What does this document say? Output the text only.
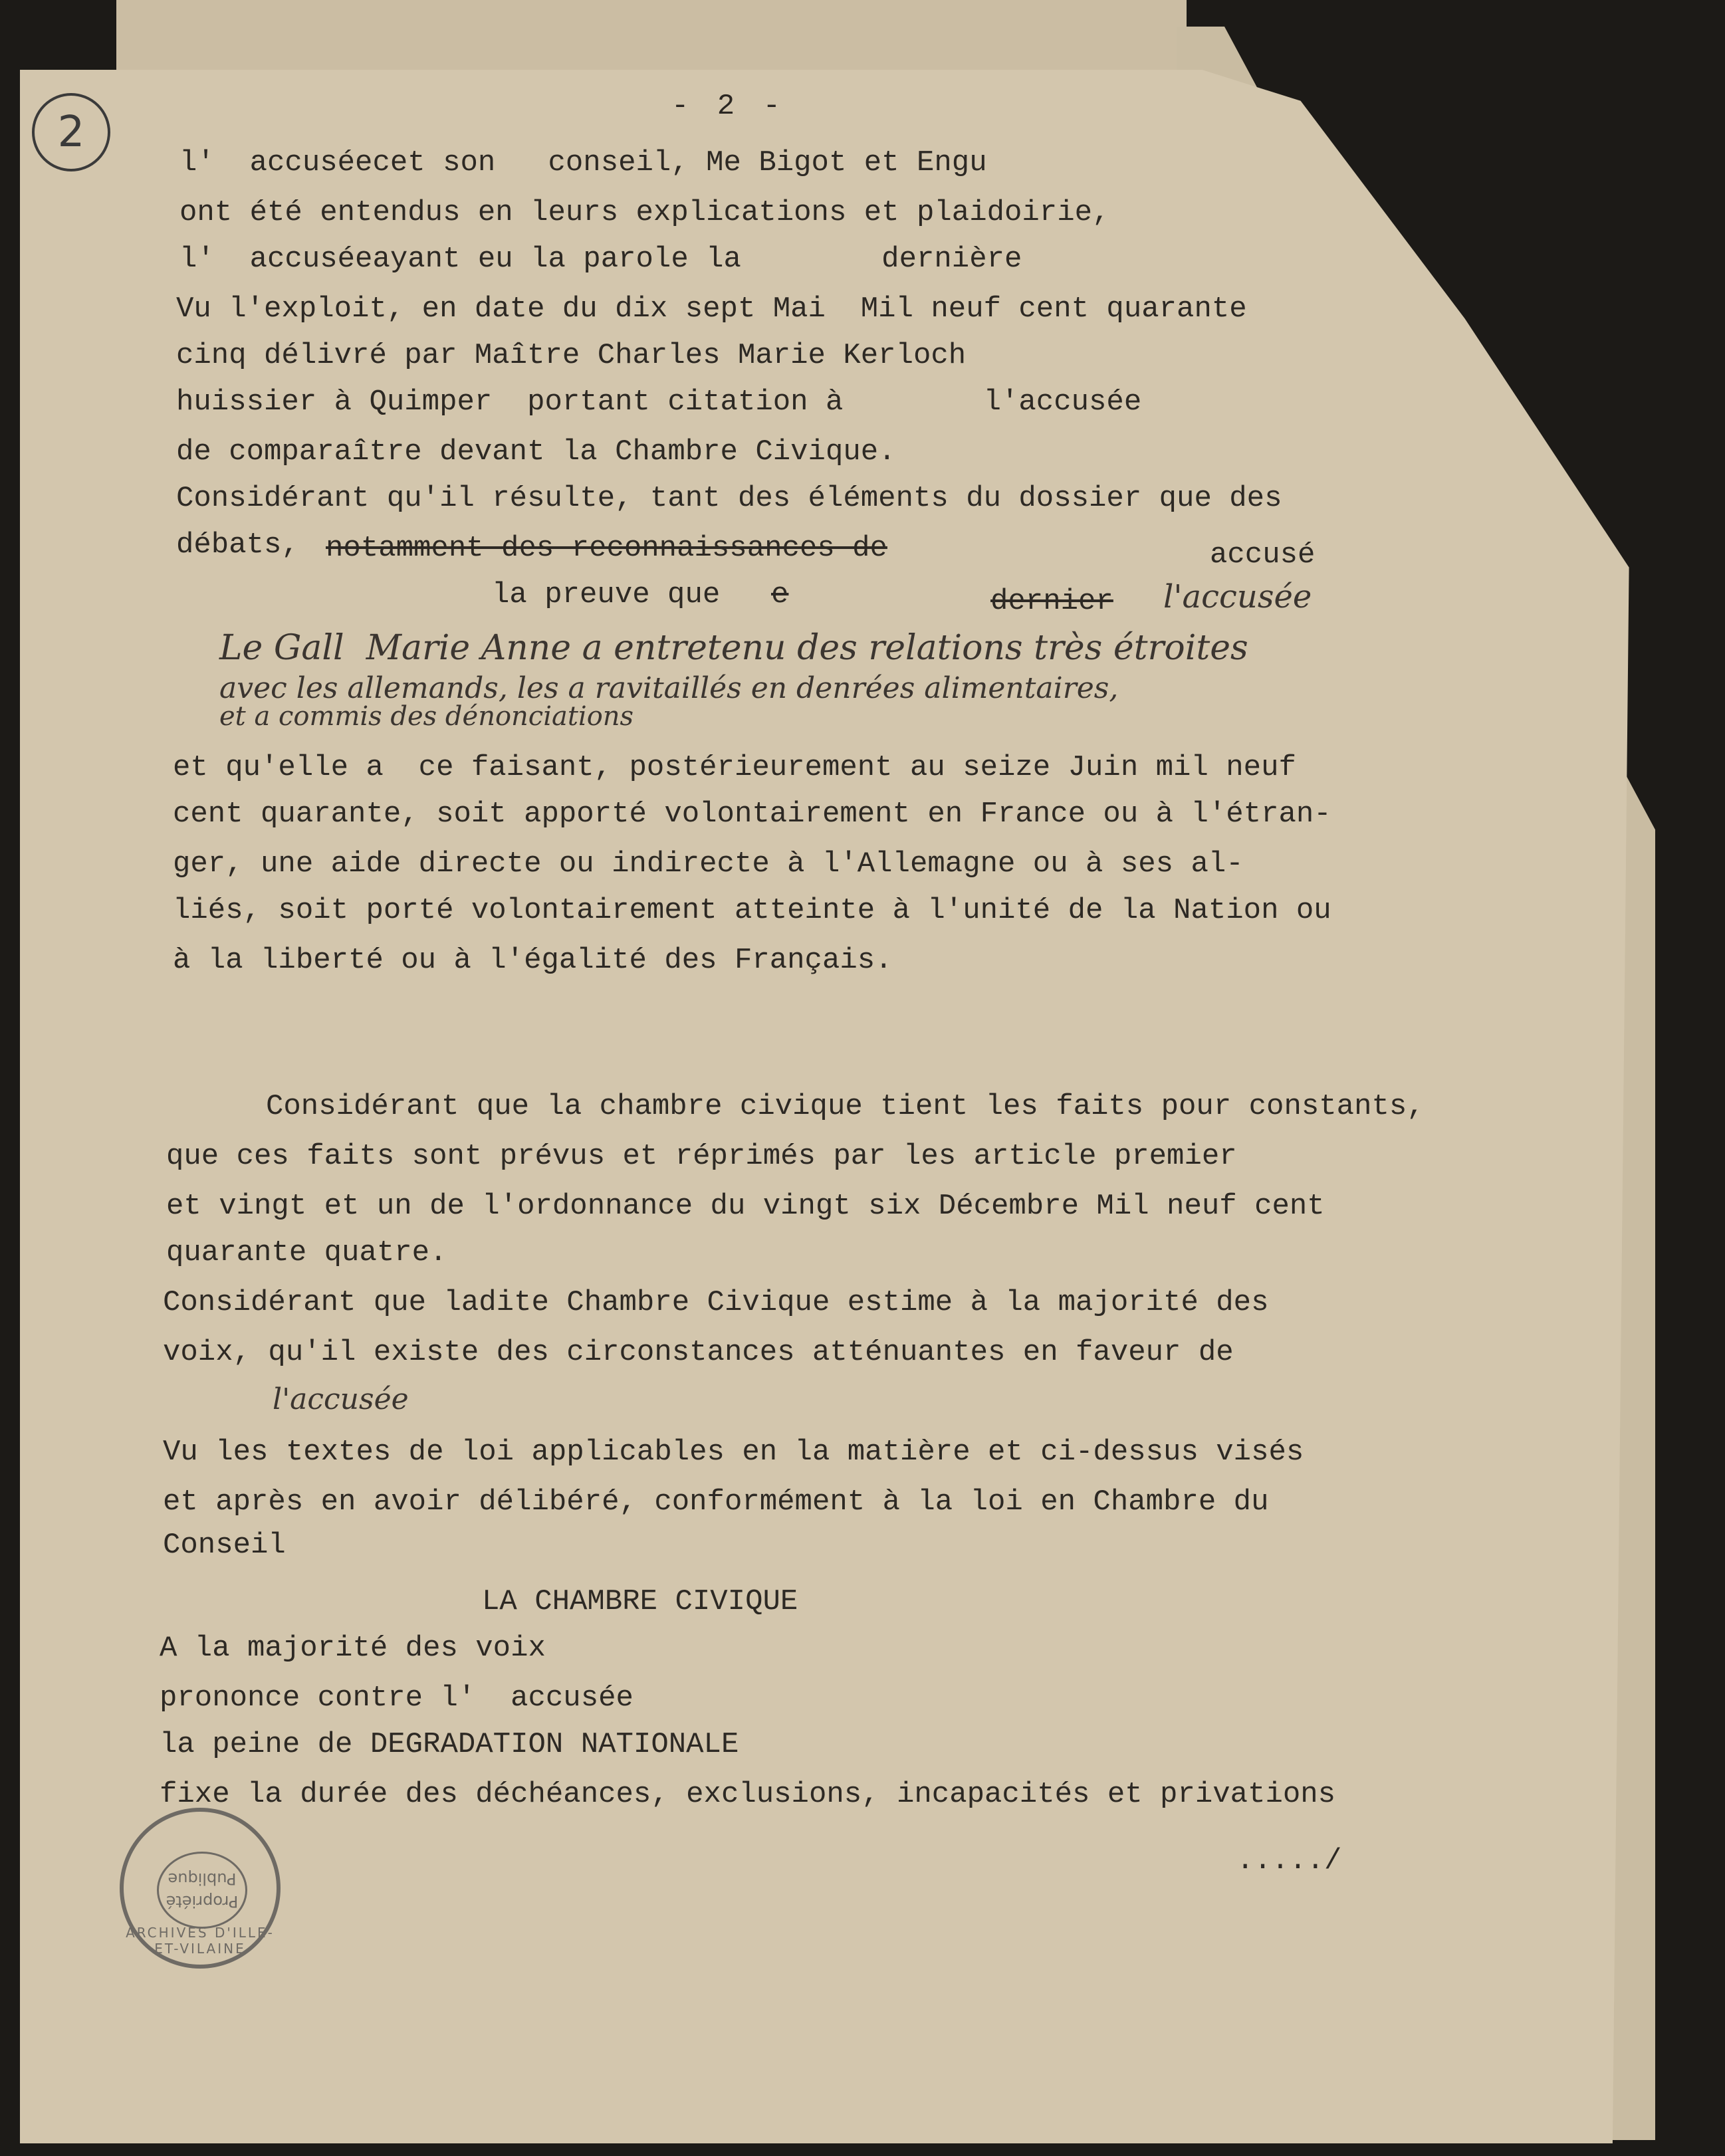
2
- 2 -
l'  accuséecet son   conseil, Me Bigot et Engu
ont été entendus en leurs explications et plaidoirie,
l'  accuséeayant eu la parole la        dernière
Vu l'exploit, en date du dix sept Mai  Mil neuf cent quarante
cinq délivré par Maître Charles Marie Kerloch
huissier à Quimper  portant citation à        l'accusée
de comparaître devant la Chambre Civique.
Considérant qu'il résulte, tant des éléments du dossier que des
débats, notamment des reconnaissances de	accusé
la preuve que e	dernier l'accusée
Le Gall  Marie Anne a entretenu des relations très étroites
avec les allemands, les a ravitaillés en denrées alimentaires,
et a commis des dénonciations
et qu'elle a  ce faisant, postérieurement au seize Juin mil neuf
cent quarante, soit apporté volontairement en France ou à l'étran-
ger, une aide directe ou indirecte à l'Allemagne ou à ses al-
liés, soit porté volontairement atteinte à l'unité de la Nation ou
à la liberté ou à l'égalité des Français.
Considérant que la chambre civique tient les faits pour constants,
que ces faits sont prévus et réprimés par les article premier
et vingt et un de l'ordonnance du vingt six Décembre Mil neuf cent
quarante quatre.
Considérant que ladite Chambre Civique estime à la majorité des
voix, qu'il existe des circonstances atténuantes en faveur de
l'accusée
Vu les textes de loi applicables en la matière et ci-dessus visés
et après en avoir délibéré, conformément à la loi en Chambre du
Conseil
LA CHAMBRE CIVIQUE
A la majorité des voix
prononce contre l'  accusée
la peine de DEGRADATION NATIONALE
fixe la durée des déchéances, exclusions, incapacités et privations
...../
Propriété Publique
ARCHIVES D'ILLE-ET-VILAINE
